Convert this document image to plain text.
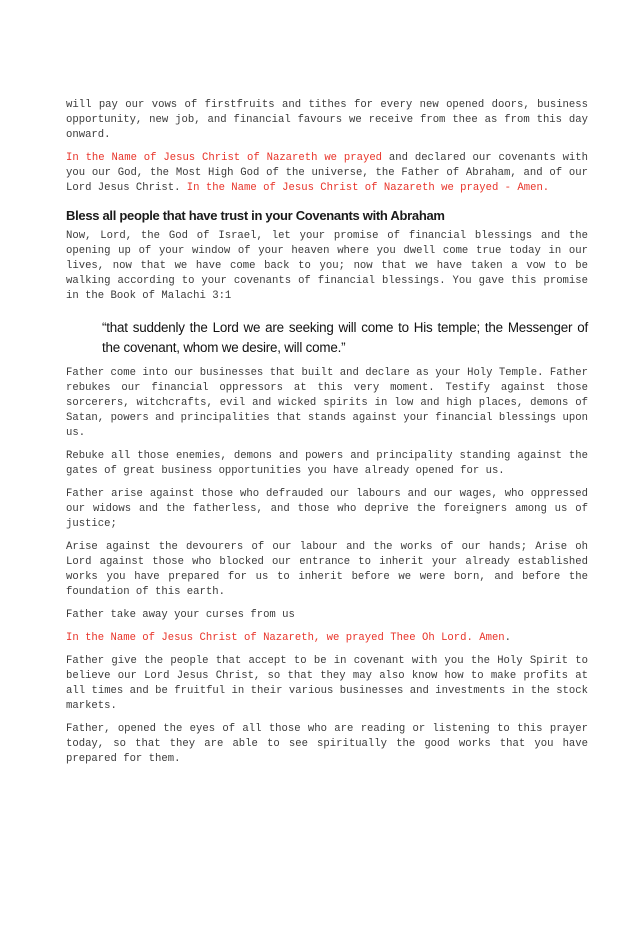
will pay our vows of firstfruits and tithes for every new opened doors, business opportunity, new job, and financial favours we receive from thee as from this day onward.

In the Name of Jesus Christ of Nazareth we prayed and declared our covenants with you our God, the Most High God of the universe, the Father of Abraham, and of our Lord Jesus Christ. In the Name of Jesus Christ of Nazareth we prayed - Amen.

Bless all people that have trust in your Covenants with Abraham

Now, Lord, the God of Israel, let your promise of financial blessings and the opening up of your window of your heaven where you dwell come true today in our lives, now that we have come back to you; now that we have taken a vow to be walking according to your covenants of financial blessings. You gave this promise in the Book of Malachi 3:1

“that suddenly the Lord we are seeking will come to His temple; the Messenger of the covenant, whom we desire, will come.”

Father come into our businesses that built and declare as your Holy Temple. Father rebukes our financial oppressors at this very moment. Testify against those sorcerers, witchcrafts, evil and wicked spirits in low and high places, demons of Satan, powers and principalities that stands against your financial blessings upon us.

Rebuke all those enemies, demons and powers and principality standing against the gates of great business opportunities you have already opened for us.

Father arise against those who defrauded our labours and our wages, who oppressed our widows and the fatherless, and those who deprive the foreigners among us of justice;

Arise against the devourers of our labour and the works of our hands; Arise oh Lord against those who blocked our entrance to inherit your already established works you have prepared for us to inherit before we were born, and before the foundation of this earth.

Father take away your curses from us

In the Name of Jesus Christ of Nazareth, we prayed Thee Oh Lord. Amen.

Father give the people that accept to be in covenant with you the Holy Spirit to believe our Lord Jesus Christ, so that they may also know how to make profits at all times and be fruitful in their various businesses and investments in the stock markets.

Father, opened the eyes of all those who are reading or listening to this prayer today, so that they are able to see spiritually the good works that you have prepared for them.
